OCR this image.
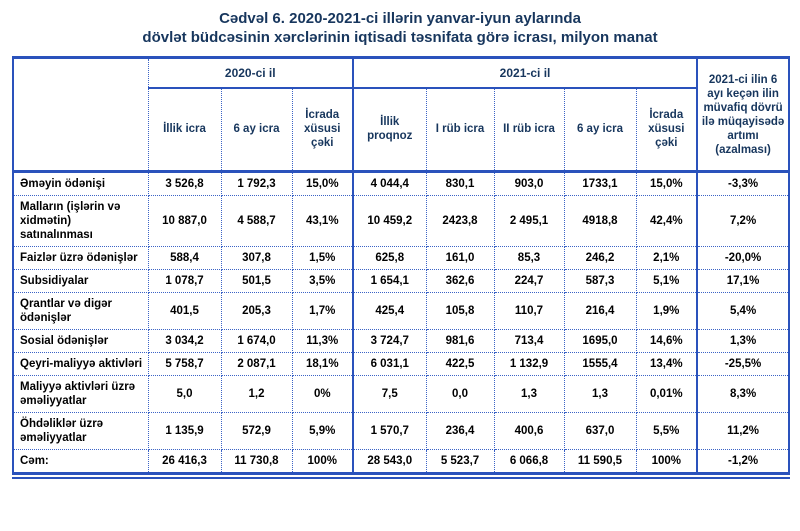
Cədvəl 6. 2020-2021-ci illərin yanvar-iyun aylarında
dövlət büdcəsinin xərclərinin iqtisadi təsnifata görə icrası, milyon manat
	2020-ci il			2021-ci il					2021-ci ilin 6 ayı keçən ilin müvafiq dövrü ilə müqayisədə artımı (azalması)
	İllik icra	6 ay icra	İcrada xüsusi çəki	İllik proqnoz	I rüb icra	II rüb icra	6 ay icra	İcrada xüsusi çəki	
Əməyin ödənişi	3 526,8	1 792,3	15,0%	4 044,4	830,1	903,0	1733,1	15,0%	-3,3%
Malların (işlərin və xidmətin) satınalınması	10 887,0	4 588,7	43,1%	10 459,2	2423,8	2 495,1	4918,8	42,4%	7,2%
Faizlər üzrə ödənişlər	588,4	307,8	1,5%	625,8	161,0	85,3	246,2	2,1%	-20,0%
Subsidiyalar	1 078,7	501,5	3,5%	1 654,1	362,6	224,7	587,3	5,1%	17,1%
Qrantlar və digər ödənişlər	401,5	205,3	1,7%	425,4	105,8	110,7	216,4	1,9%	5,4%
Sosial ödənişlər	3 034,2	1 674,0	11,3%	3 724,7	981,6	713,4	1695,0	14,6%	1,3%
Qeyri-maliyyə aktivləri	5 758,7	2 087,1	18,1%	6 031,1	422,5	1 132,9	1555,4	13,4%	-25,5%
Maliyyə aktivləri üzrə əməliyyatlar	5,0	1,2	0%	7,5	0,0	1,3	1,3	0,01%	8,3%
Öhdəliklər üzrə əməliyyatlar	1 135,9	572,9	5,9%	1 570,7	236,4	400,6	637,0	5,5%	11,2%
Cəm:	26 416,3	11 730,8	100%	28 543,0	5 523,7	6 066,8	11 590,5	100%	-1,2%
